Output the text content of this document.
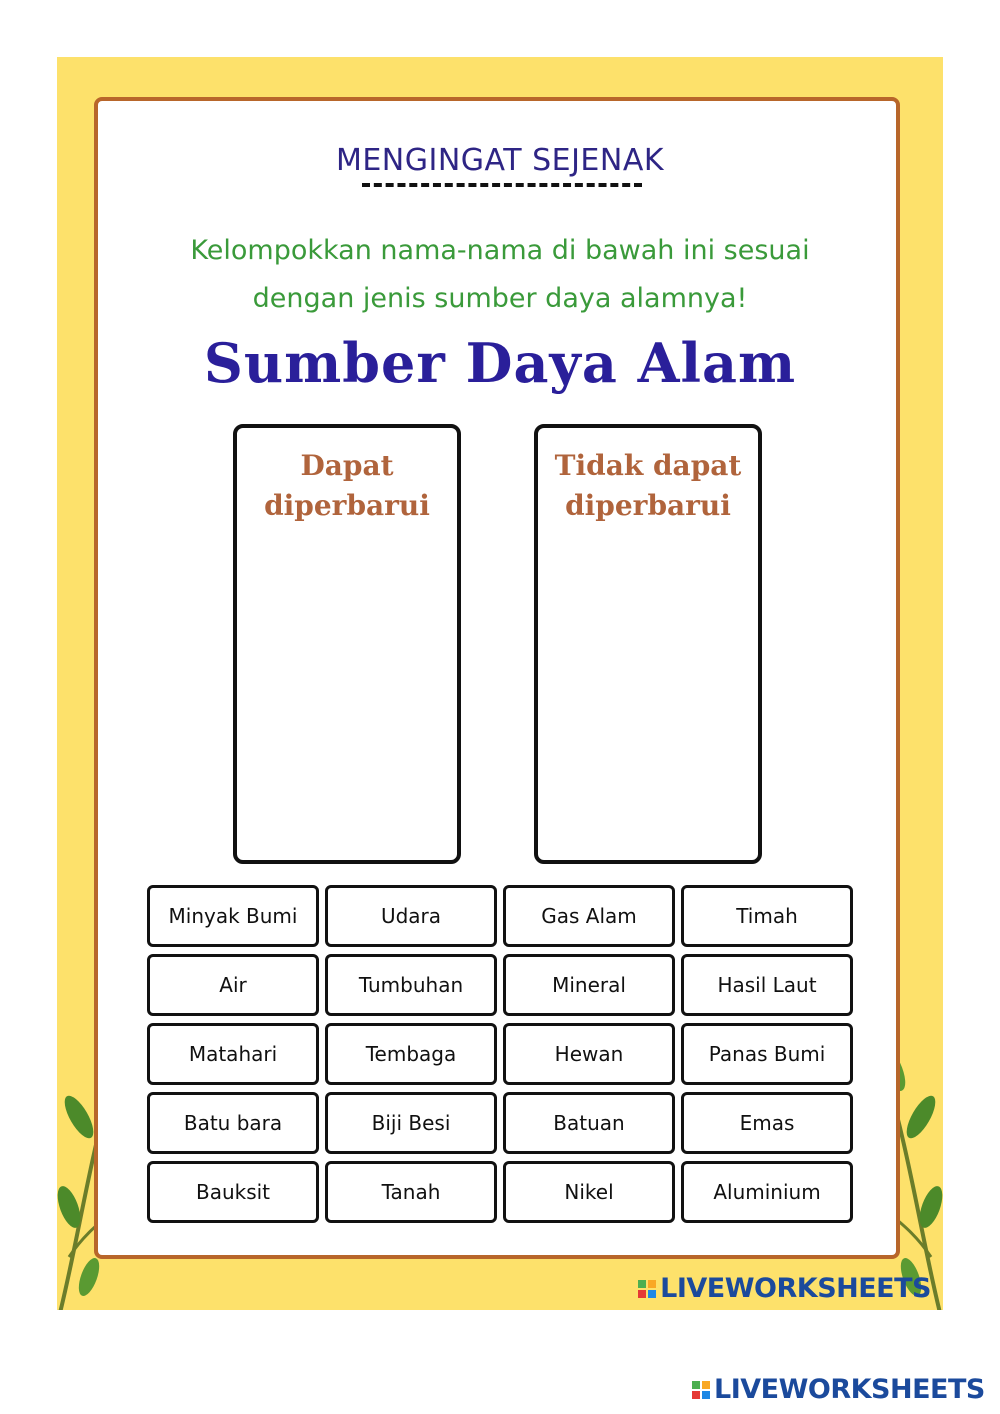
MENGINGAT SEJENAK
Kelompokkan nama-nama di bawah ini sesuai
dengan jenis sumber daya alamnya!
Sumber Daya Alam
Dapat
diperbarui
Tidak dapat
diperbarui
Minyak Bumi	Udara	Gas Alam	Timah
Air	Tumbuhan	Mineral	Hasil Laut
Matahari	Tembaga	Hewan	Panas Bumi
Batu bara	Biji Besi	Batuan	Emas
Bauksit	Tanah	Nikel	Aluminium
LIVEWORKSHEETS
LIVEWORKSHEETS
